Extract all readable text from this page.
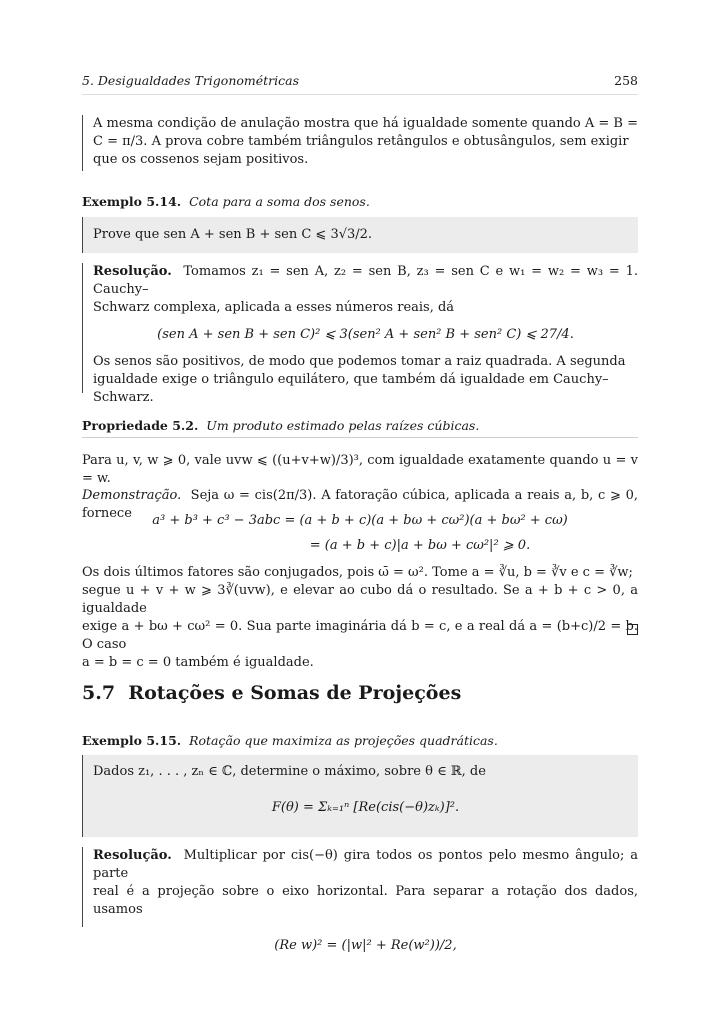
5. Desigualdades Trigonométricas	258
A mesma condição de anulação mostra que há igualdade somente quando A = B =
C = π/3. A prova cobre também triângulos retângulos e obtusângulos, sem exigir
que os cossenos sejam positivos.
Exemplo 5.14. Cota para a soma dos senos.
Prove que sen A + sen B + sen C ⩽ 3√3/2.
Resolução. Tomamos z₁ = sen A, z₂ = sen B, z₃ = sen C e w₁ = w₂ = w₃ = 1. Cauchy–
Schwarz complexa, aplicada a esses números reais, dá
(sen A + sen B + sen C)² ⩽ 3(sen² A + sen² B + sen² C) ⩽ 27/4.
Os senos são positivos, de modo que podemos tomar a raiz quadrada. A segunda
igualdade exige o triângulo equilátero, que também dá igualdade em Cauchy–
Schwarz.
Propriedade 5.2. Um produto estimado pelas raízes cúbicas.
Para u, v, w ⩾ 0, vale uvw ⩽ ((u+v+w)/3)³, com igualdade exatamente quando u = v = w.
Demonstração. Seja ω = cis(2π/3). A fatoração cúbica, aplicada a reais a, b, c ⩾ 0, fornece	a³ + b³ + c³ − 3abc = (a + b + c)(a + bω + cω²)(a + bω² + cω)
= (a + b + c)|a + bω + cω²|² ⩾ 0.
Os dois últimos fatores são conjugados, pois ω̄ = ω². Tome a = ∛u, b = ∛v e c = ∛w;
segue u + v + w ⩾ 3∛(uvw), e elevar ao cubo dá o resultado. Se a + b + c > 0, a igualdade
exige a + bω + cω² = 0. Sua parte imaginária dá b = c, e a real dá a = (b+c)/2 = b. O caso
a = b = c = 0 também é igualdade.
5.7 Rotações e Somas de Projeções
Exemplo 5.15. Rotação que maximiza as projeções quadráticas.
Dados z₁, . . . , zₙ ∈ ℂ, determine o máximo, sobre θ ∈ ℝ, de
F(θ) = Σₖ₌₁ⁿ [Re(cis(−θ)zₖ)]².
Resolução. Multiplicar por cis(−θ) gira todos os pontos pelo mesmo ângulo; a parte
real é a projeção sobre o eixo horizontal. Para separar a rotação dos dados, usamos
(Re w)² = (|w|² + Re(w²))/2,
